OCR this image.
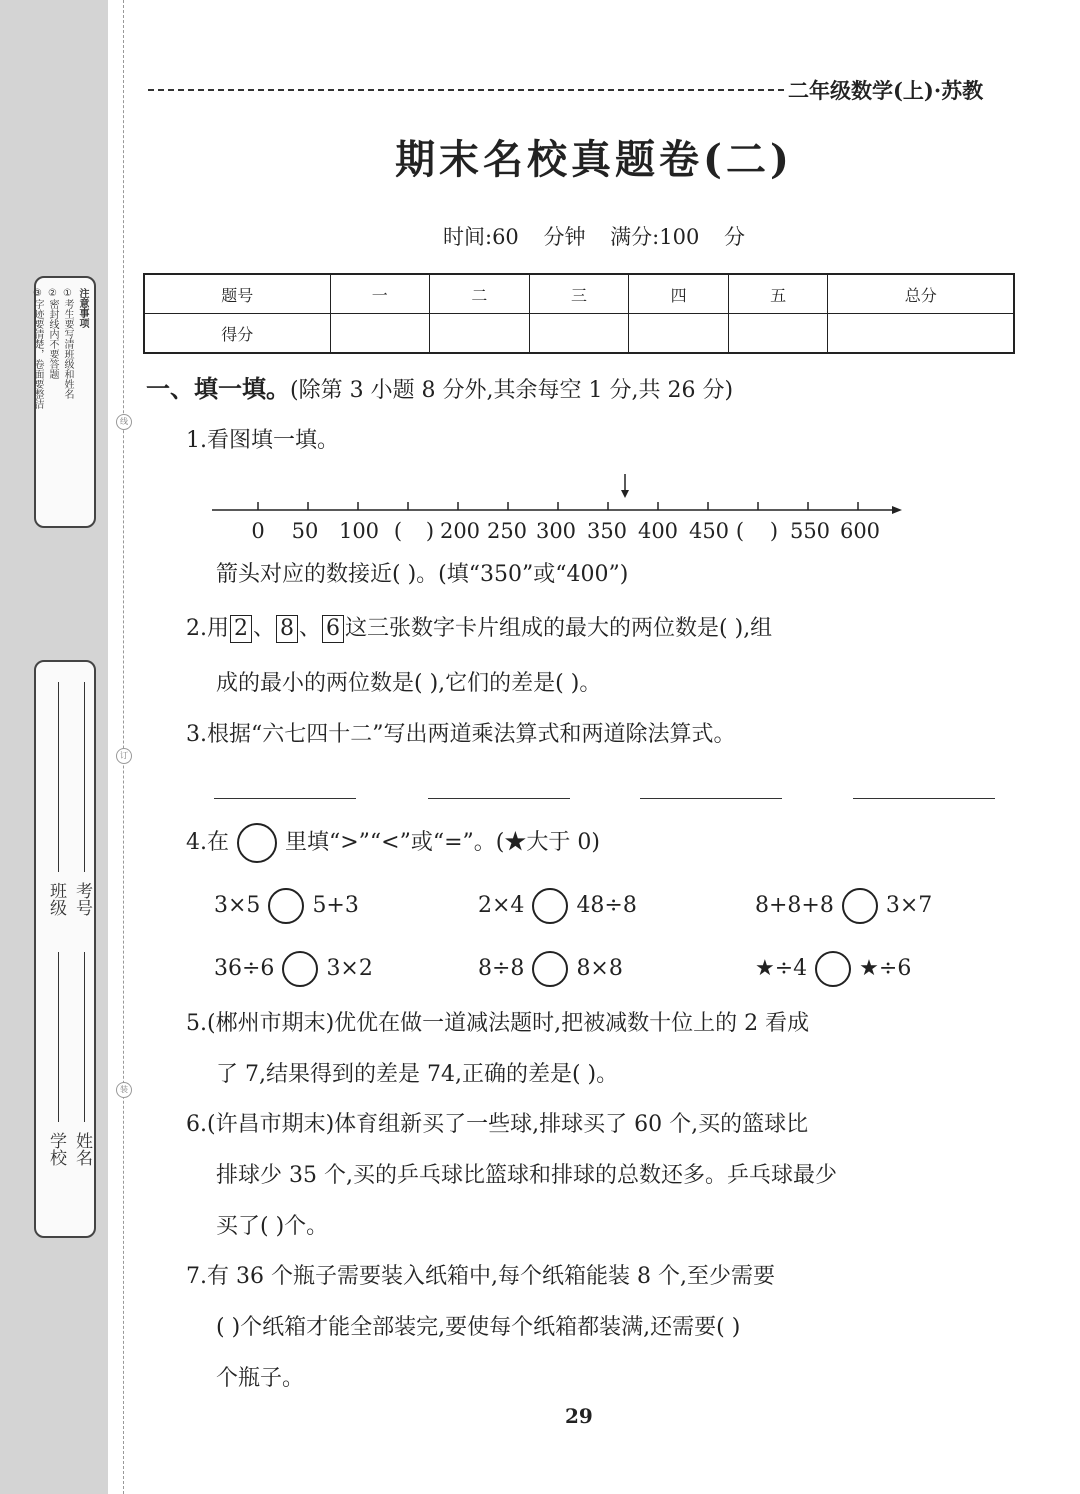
线
订
装
注意事项
①考生要写清班级和姓名
②密封线内不要答题
③字迹要清楚，卷面要整洁
学校 姓名
班级 考号
二年级数学(上)·苏教
期末名校真题卷(二)
时间:60 分钟 满分:100 分
题号	一	二	三	四	五	总分
得分						
一、填一填。(除第 3 小题 8 分外,其余每空 1 分,共 26 分)
1.看图填一填。
0 50 100 ( ) 200 250 300 350 400 450 ( ) 550 600
箭头对应的数接近( )。(填“350”或“400”)
2.用 2 、 8 、 6 这三张数字卡片组成的最大的两位数是( ),组
成的最小的两位数是( ),它们的差是( )。
3.根据“六七四十二”写出两道乘法算式和两道除法算式。
4.在	里填“>”“<”或“=”。(★大于 0)
3×5 5+3	2×4 48÷8	8+8+8 3×7
36÷6 3×2	8÷8 8×8	★÷4 ★÷6
5.(郴州市期末)优优在做一道减法题时,把被减数十位上的 2 看成
了 7,结果得到的差是 74,正确的差是( )。
6.(许昌市期末)体育组新买了一些球,排球买了 60 个,买的篮球比
排球少 35 个,买的乒乓球比篮球和排球的总数还多。乒乓球最少
买了( )个。
7.有 36 个瓶子需要装入纸箱中,每个纸箱能装 8 个,至少需要
( )个纸箱才能全部装完,要使每个纸箱都装满,还需要( )
个瓶子。
29
